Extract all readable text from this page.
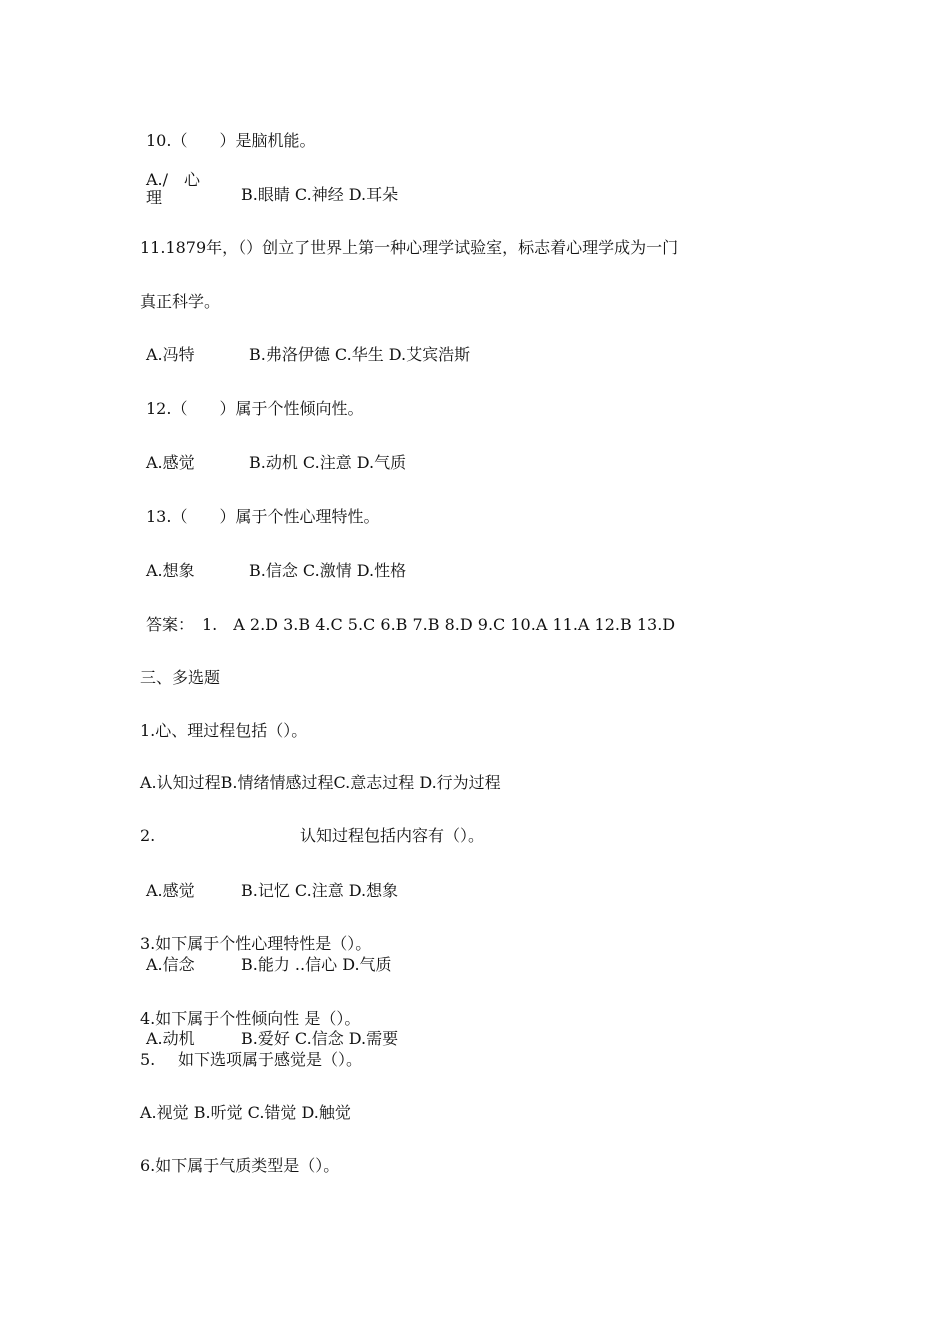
10.（　　）是脑机能。
A./　心
理	B.眼睛 C.神经 D.耳朵
11.1879年，（）创立了世界上第一种心理学试验室，标志着心理学成为一门
真正科学。
A.冯特	B.弗洛伊德 C.华生 D.艾宾浩斯
12.（　　）属于个性倾向性。
A.感觉	B.动机 C.注意 D.气质
13.（　　）属于个性心理特性。
A.想象	B.信念 C.激情 D.性格
答案：　1.　A 2.D 3.B 4.C 5.C 6.B 7.B 8.D 9.C 10.A 11.A 12.B 13.D
三、多选题
1.心、理过程包括（）。
A.认知过程B.情绪情感过程C.意志过程 D.行为过程
2.	认知过程包括内容有（）。
A.感觉	B.记忆 C.注意 D.想象
3.如下属于个性心理特性是（）。
A.信念	B.能力 ..信心 D.气质
4.如下属于个性倾向性 是（）。
A.动机	B.爱好 C.信念 D.需要
5. 如下选项属于感觉是（）。
A.视觉 B.听觉 C.错觉 D.触觉
6.如下属于气质类型是（）。
